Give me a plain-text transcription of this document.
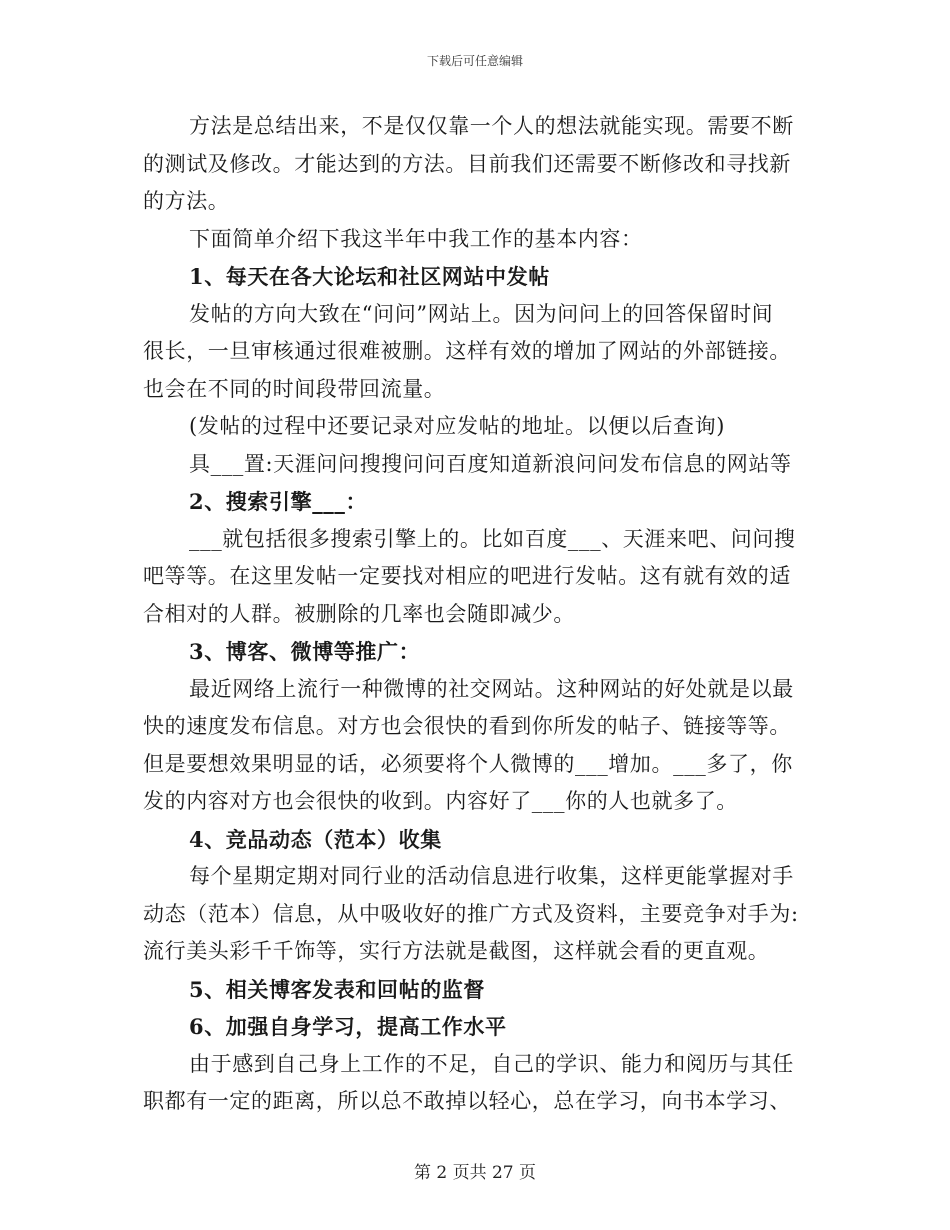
下载后可任意编辑

方法是总结出来，不是仅仅靠一个人的想法就能实现。需要不断

的测试及修改。才能达到的方法。目前我们还需要不断修改和寻找新

的方法。

下面简单介绍下我这半年中我工作的基本内容：

1、每天在各大论坛和社区网站中发帖

发帖的方向大致在“问问”网站上。因为问问上的回答保留时间

很长，一旦审核通过很难被删。这样有效的增加了网站的外部链接。

也会在不同的时间段带回流量。

(发帖的过程中还要记录对应发帖的地址。以便以后查询)

具___置:天涯问问搜搜问问百度知道新浪问问发布信息的网站等

2、搜索引擎___：

___就包括很多搜索引擎上的。比如百度___、天涯来吧、问问搜

吧等等。在这里发帖一定要找对相应的吧进行发帖。这有就有效的适

合相对的人群。被删除的几率也会随即减少。

3、博客、微博等推广：

最近网络上流行一种微博的社交网站。这种网站的好处就是以最

快的速度发布信息。对方也会很快的看到你所发的帖子、链接等等。

但是要想效果明显的话，必须要将个人微博的___增加。___多了，你

发的内容对方也会很快的收到。内容好了___你的人也就多了。

4、竞品动态（范本）收集

每个星期定期对同行业的活动信息进行收集，这样更能掌握对手

动态（范本）信息，从中吸收好的推广方式及资料，主要竞争对手为:

流行美头彩千千饰等，实行方法就是截图，这样就会看的更直观。

5、相关博客发表和回帖的监督

6、加强自身学习，提高工作水平

由于感到自己身上工作的不足，自己的学识、能力和阅历与其任

职都有一定的距离，所以总不敢掉以轻心，总在学习，向书本学习、

第 2 页共 27 页
